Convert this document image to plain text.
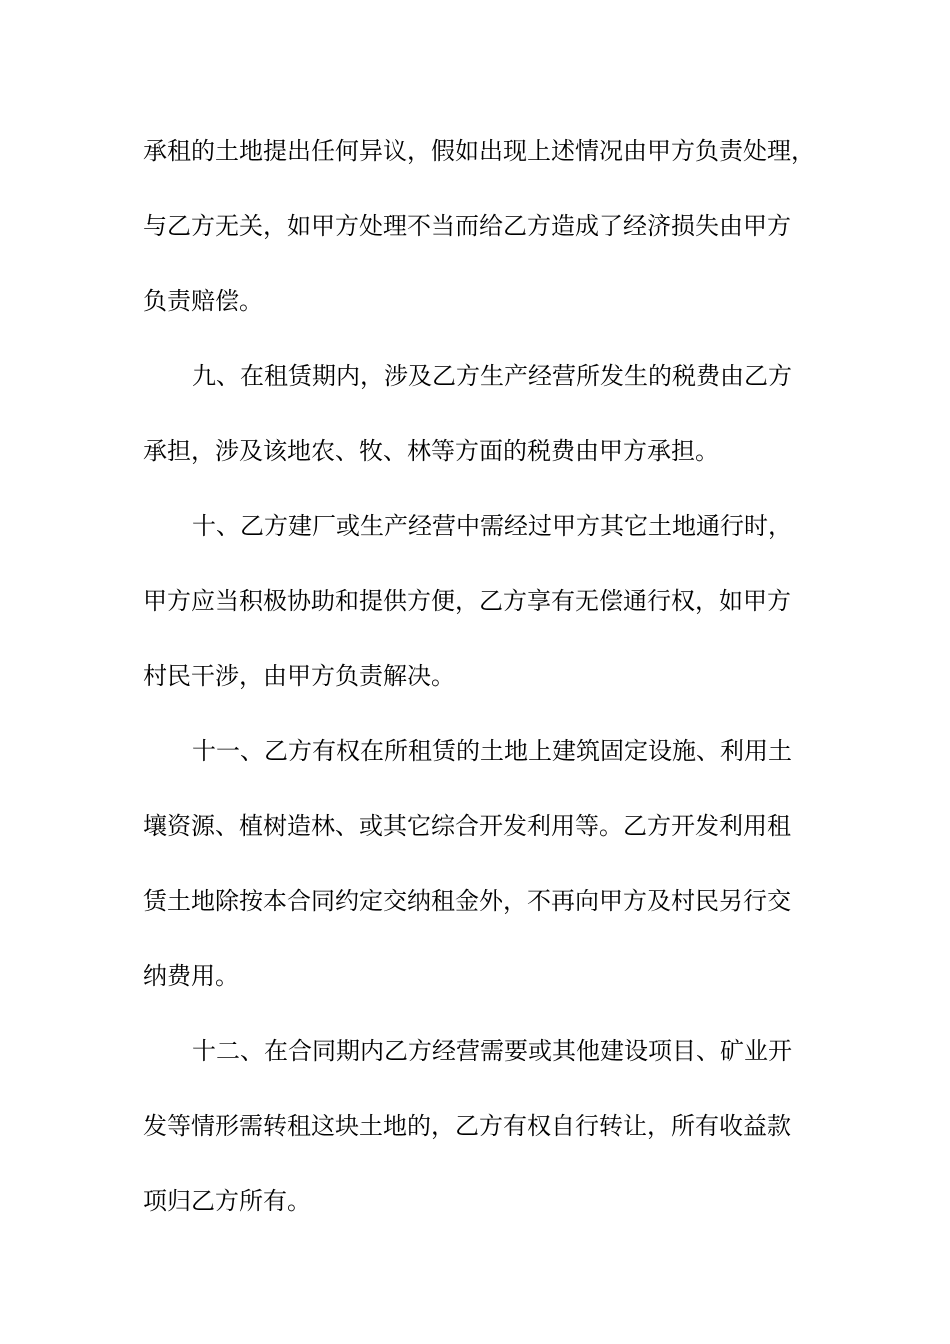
承租的土地提出任何异议，假如出现上述情况由甲方负责处理，
与乙方无关，如甲方处理不当而给乙方造成了经济损失由甲方
负责赔偿。
九、在租赁期内，涉及乙方生产经营所发生的税费由乙方
承担，涉及该地农、牧、林等方面的税费由甲方承担。
十、乙方建厂或生产经营中需经过甲方其它土地通行时，
甲方应当积极协助和提供方便，乙方享有无偿通行权，如甲方
村民干涉，由甲方负责解决。
十一、乙方有权在所租赁的土地上建筑固定设施、利用土
壤资源、植树造林、或其它综合开发利用等。乙方开发利用租
赁土地除按本合同约定交纳租金外，不再向甲方及村民另行交
纳费用。
十二、在合同期内乙方经营需要或其他建设项目、矿业开
发等情形需转租这块土地的，乙方有权自行转让，所有收益款
项归乙方所有。
